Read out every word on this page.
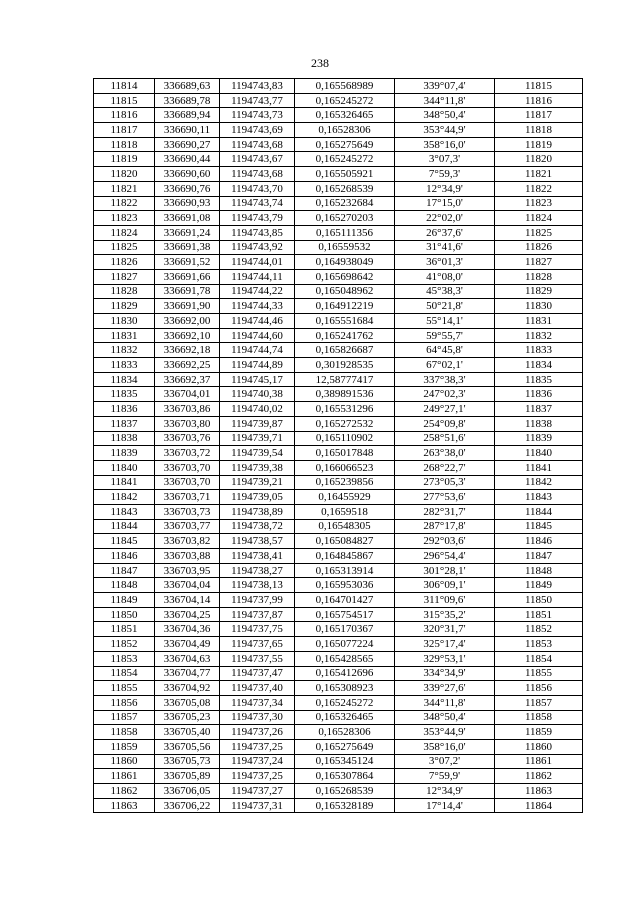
238
11814	336689,63	1194743,83	0,165568989	339°07,4'	11815
11815	336689,78	1194743,77	0,165245272	344°11,8'	11816
11816	336689,94	1194743,73	0,165326465	348°50,4'	11817
11817	336690,11	1194743,69	0,16528306	353°44,9'	11818
11818	336690,27	1194743,68	0,165275649	358°16,0'	11819
11819	336690,44	1194743,67	0,165245272	3°07,3'	11820
11820	336690,60	1194743,68	0,165505921	7°59,3'	11821
11821	336690,76	1194743,70	0,165268539	12°34,9'	11822
11822	336690,93	1194743,74	0,165232684	17°15,0'	11823
11823	336691,08	1194743,79	0,165270203	22°02,0'	11824
11824	336691,24	1194743,85	0,165111356	26°37,6'	11825
11825	336691,38	1194743,92	0,16559532	31°41,6'	11826
11826	336691,52	1194744,01	0,164938049	36°01,3'	11827
11827	336691,66	1194744,11	0,165698642	41°08,0'	11828
11828	336691,78	1194744,22	0,165048962	45°38,3'	11829
11829	336691,90	1194744,33	0,164912219	50°21,8'	11830
11830	336692,00	1194744,46	0,165551684	55°14,1'	11831
11831	336692,10	1194744,60	0,165241762	59°55,7'	11832
11832	336692,18	1194744,74	0,165826687	64°45,8'	11833
11833	336692,25	1194744,89	0,301928535	67°02,1'	11834
11834	336692,37	1194745,17	12,58777417	337°38,3'	11835
11835	336704,01	1194740,38	0,389891536	247°02,3'	11836
11836	336703,86	1194740,02	0,165531296	249°27,1'	11837
11837	336703,80	1194739,87	0,165272532	254°09,8'	11838
11838	336703,76	1194739,71	0,165110902	258°51,6'	11839
11839	336703,72	1194739,54	0,165017848	263°38,0'	11840
11840	336703,70	1194739,38	0,166066523	268°22,7'	11841
11841	336703,70	1194739,21	0,165239856	273°05,3'	11842
11842	336703,71	1194739,05	0,16455929	277°53,6'	11843
11843	336703,73	1194738,89	0,1659518	282°31,7'	11844
11844	336703,77	1194738,72	0,16548305	287°17,8'	11845
11845	336703,82	1194738,57	0,165084827	292°03,6'	11846
11846	336703,88	1194738,41	0,164845867	296°54,4'	11847
11847	336703,95	1194738,27	0,165313914	301°28,1'	11848
11848	336704,04	1194738,13	0,165953036	306°09,1'	11849
11849	336704,14	1194737,99	0,164701427	311°09,6'	11850
11850	336704,25	1194737,87	0,165754517	315°35,2'	11851
11851	336704,36	1194737,75	0,165170367	320°31,7'	11852
11852	336704,49	1194737,65	0,165077224	325°17,4'	11853
11853	336704,63	1194737,55	0,165428565	329°53,1'	11854
11854	336704,77	1194737,47	0,165412696	334°34,9'	11855
11855	336704,92	1194737,40	0,165308923	339°27,6'	11856
11856	336705,08	1194737,34	0,165245272	344°11,8'	11857
11857	336705,23	1194737,30	0,165326465	348°50,4'	11858
11858	336705,40	1194737,26	0,16528306	353°44,9'	11859
11859	336705,56	1194737,25	0,165275649	358°16,0'	11860
11860	336705,73	1194737,24	0,165345124	3°07,2'	11861
11861	336705,89	1194737,25	0,165307864	7°59,9'	11862
11862	336706,05	1194737,27	0,165268539	12°34,9'	11863
11863	336706,22	1194737,31	0,165328189	17°14,4'	11864
